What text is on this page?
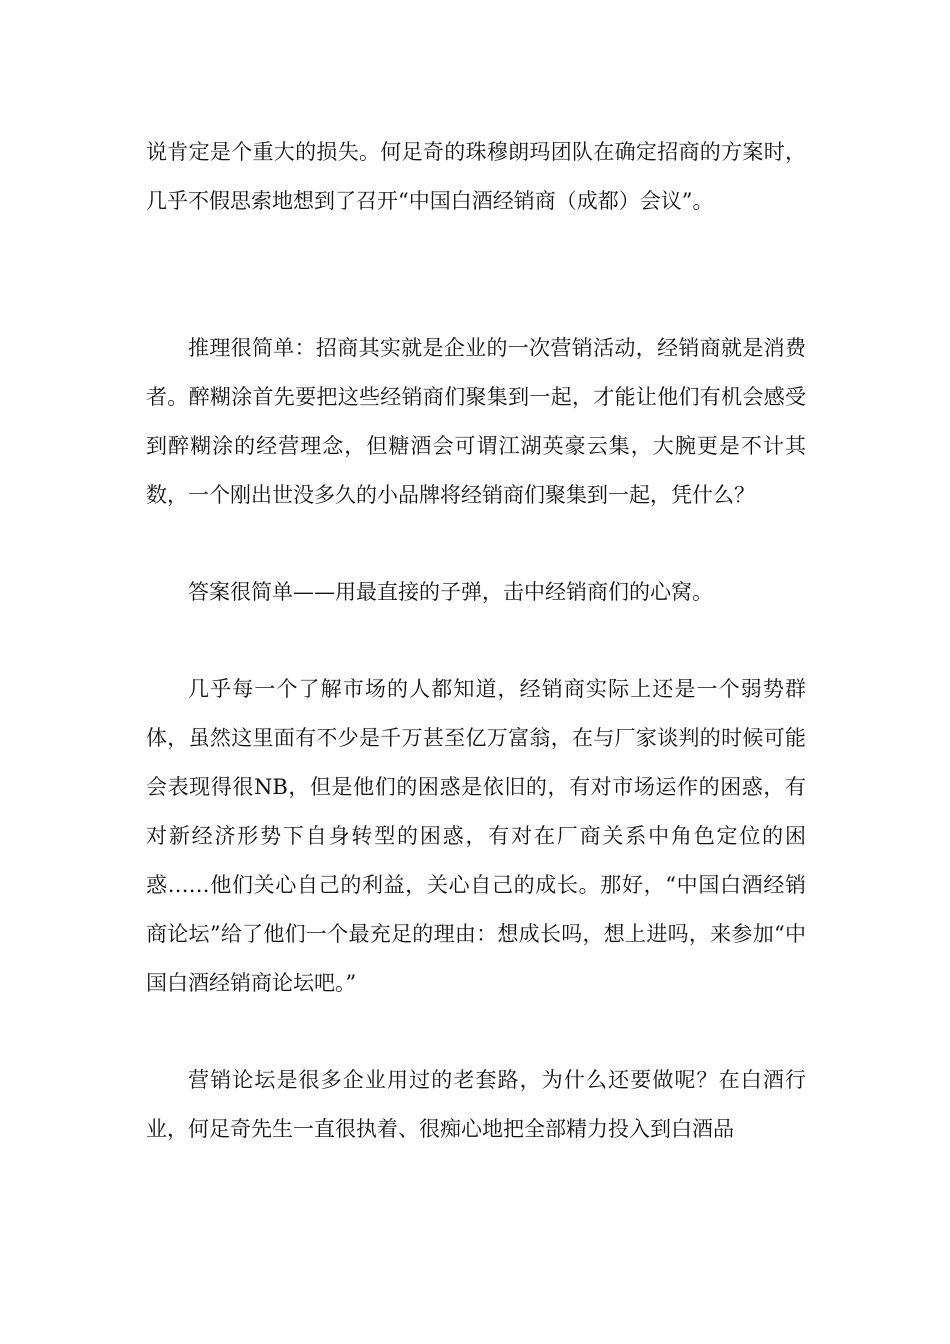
说肯定是个重大的损失。何足奇的珠穆朗玛团队在确定招商的方案时，几乎不假思索地想到了召开“中国白酒经销商（成都）会议”。

推理很简单：招商其实就是企业的一次营销活动，经销商就是消费者。醉糊涂首先要把这些经销商们聚集到一起，才能让他们有机会感受到醉糊涂的经营理念，但糖酒会可谓江湖英豪云集，大腕更是不计其数，一个刚出世没多久的小品牌将经销商们聚集到一起，凭什么？

答案很简单——用最直接的子弹，击中经销商们的心窝。

几乎每一个了解市场的人都知道，经销商实际上还是一个弱势群体，虽然这里面有不少是千万甚至亿万富翁，在与厂家谈判的时候可能会表现得很NB，但是他们的困惑是依旧的，有对市场运作的困惑，有对新经济形势下自身转型的困惑，有对在厂商关系中角色定位的困惑……他们关心自己的利益，关心自己的成长。那好，“中国白酒经销商论坛”给了他们一个最充足的理由：想成长吗，想上进吗，来参加“中国白酒经销商论坛吧。”

营销论坛是很多企业用过的老套路，为什么还要做呢？在白酒行业，何足奇先生一直很执着、很痴心地把全部精力投入到白酒品
